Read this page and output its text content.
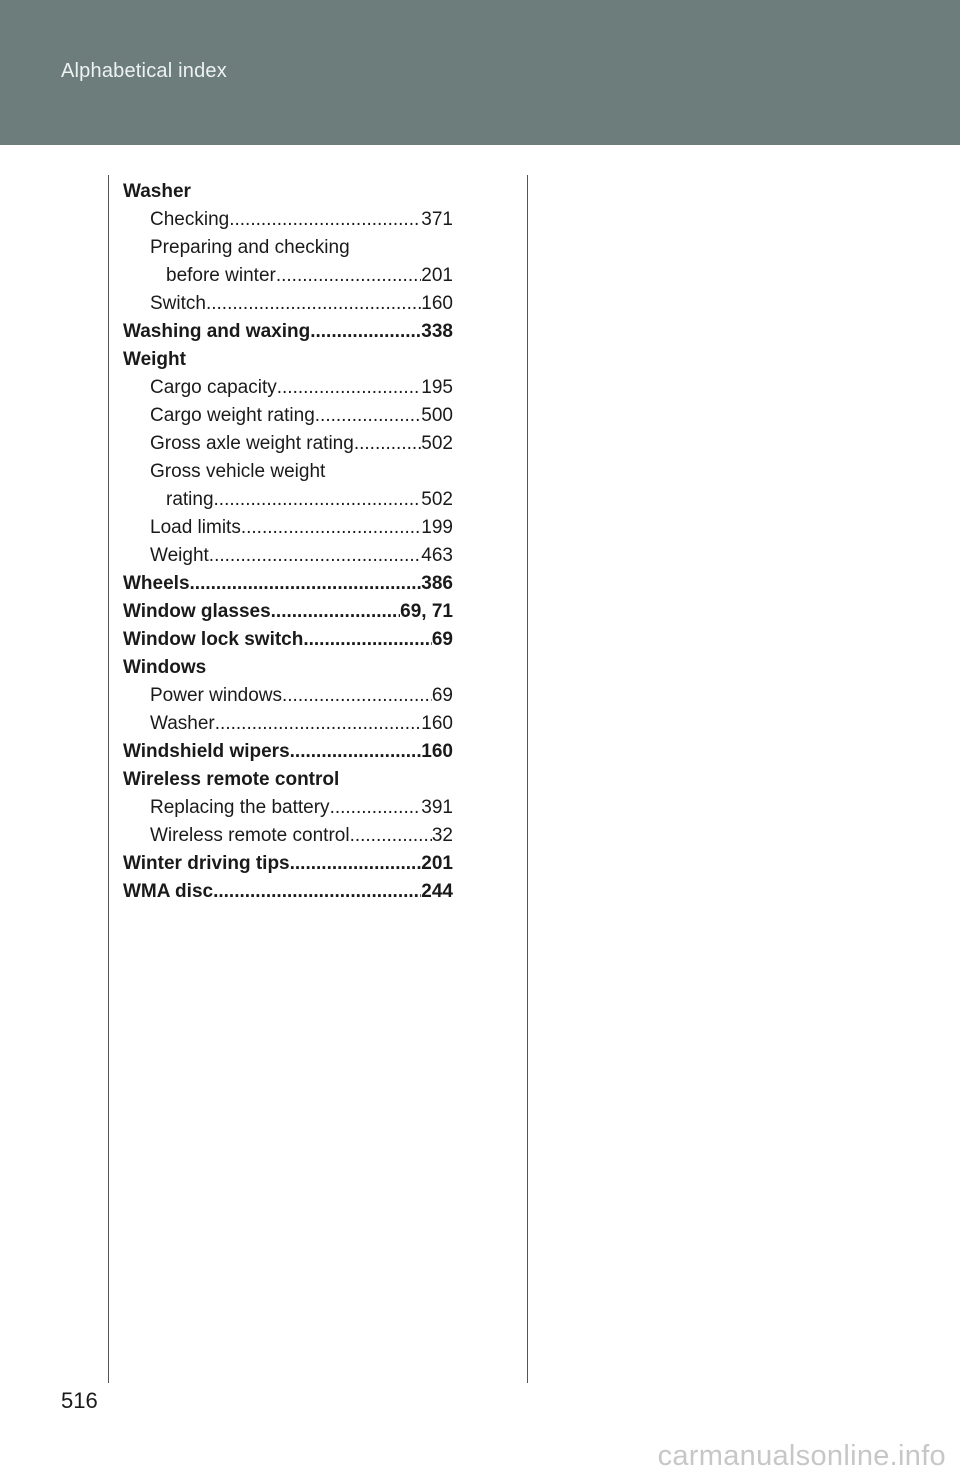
Alphabetical index
Washer
Checking .....	371
Preparing and checking
before winter .....	201
Switch .....	160
Washing and waxing .....	338
Weight
Cargo capacity .....	195
Cargo weight rating .....	500
Gross axle weight rating .....	502
Gross vehicle weight
rating .....	502
Load limits .....	199
Weight .....	463
Wheels .....	386
Window glasses .....	69, 71
Window lock switch .....	69
Windows
Power windows .....	69
Washer .....	160
Windshield wipers .....	160
Wireless remote control
Replacing the battery .....	391
Wireless remote control .....	32
Winter driving tips .....	201
WMA disc .....	244
516
carmanualsonline.info
